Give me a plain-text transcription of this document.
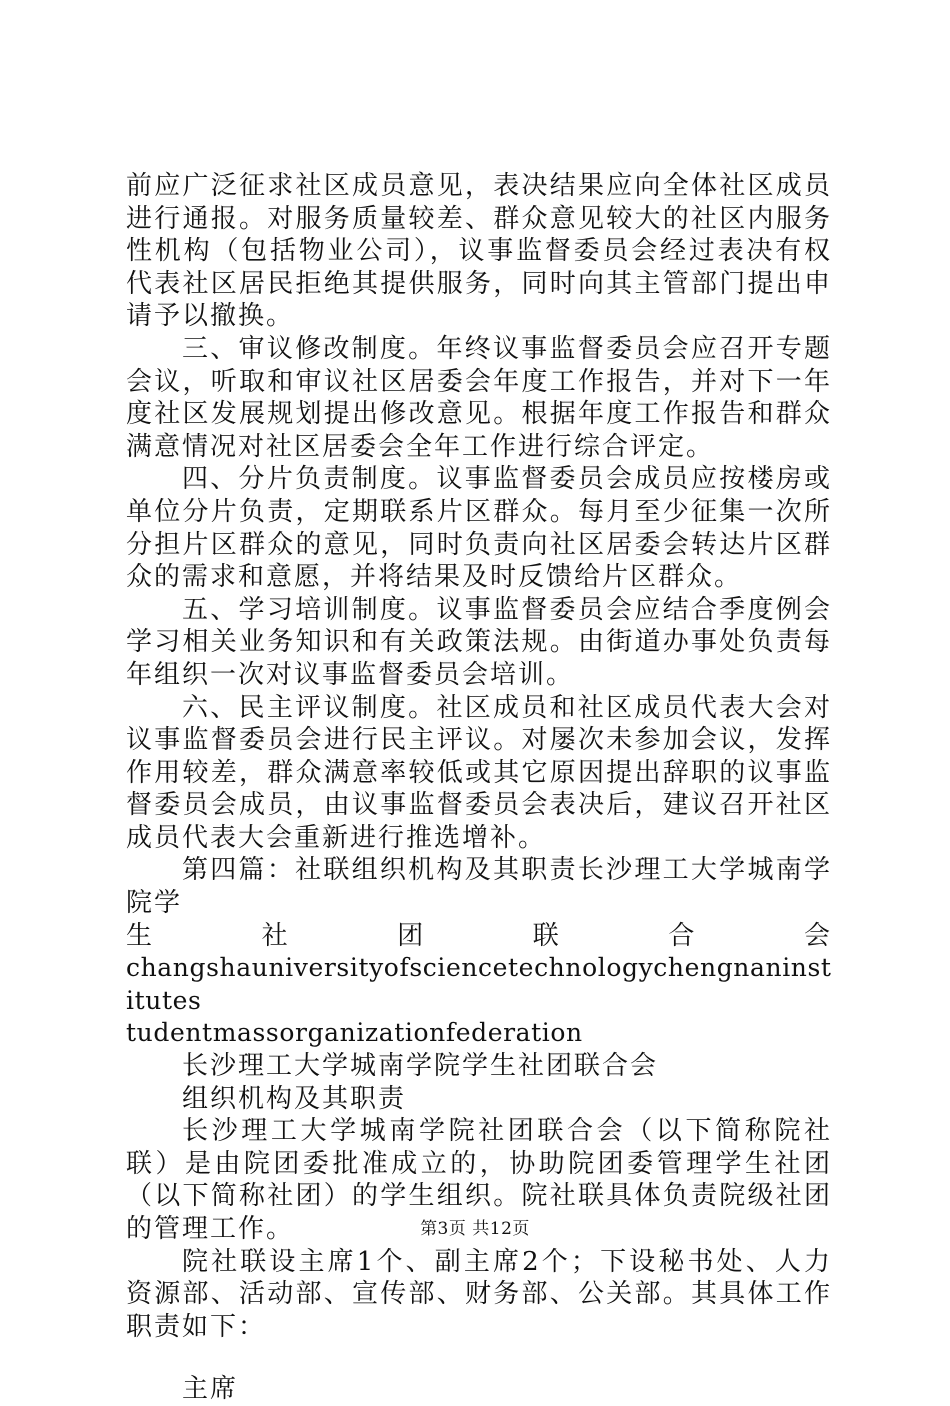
前应广泛征求社区成员意见，表决结果应向全体社区成员进行通报。对服务质量较差、群众意见较大的社区内服务性机构（包括物业公司），议事监督委员会经过表决有权代表社区居民拒绝其提供服务，同时向其主管部门提出申请予以撤换。

三、审议修改制度。年终议事监督委员会应召开专题会议，听取和审议社区居委会年度工作报告，并对下一年度社区发展规划提出修改意见。根据年度工作报告和群众满意情况对社区居委会全年工作进行综合评定。

四、分片负责制度。议事监督委员会成员应按楼房或单位分片负责，定期联系片区群众。每月至少征集一次所分担片区群众的意见，同时负责向社区居委会转达片区群众的需求和意愿，并将结果及时反馈给片区群众。

五、学习培训制度。议事监督委员会应结合季度例会学习相关业务知识和有关政策法规。由街道办事处负责每年组织一次对议事监督委员会培训。

六、民主评议制度。社区成员和社区成员代表大会对议事监督委员会进行民主评议。对屡次未参加会议，发挥作用较差，群众满意率较低或其它原因提出辞职的议事监督委员会成员，由议事监督委员会表决后，建议召开社区成员代表大会重新进行推选增补。

第四篇：社联组织机构及其职责长沙理工大学城南学院学

生 社 团 联 合 会

changshauniversityofsciencetechnologychengnaninstitutes

tudentmassorganizationfederation

长沙理工大学城南学院学生社团联合会

组织机构及其职责

长沙理工大学城南学院社团联合会（以下简称院社联）是由院团委批准成立的，协助院团委管理学生社团（以下简称社团）的学生组织。院社联具体负责院级社团的管理工作。

院社联设主席1个、副主席2个；下设秘书处、人力资源部、活动部、宣传部、财务部、公关部。其具体工作职责如下：

主席

第3页 共12页
